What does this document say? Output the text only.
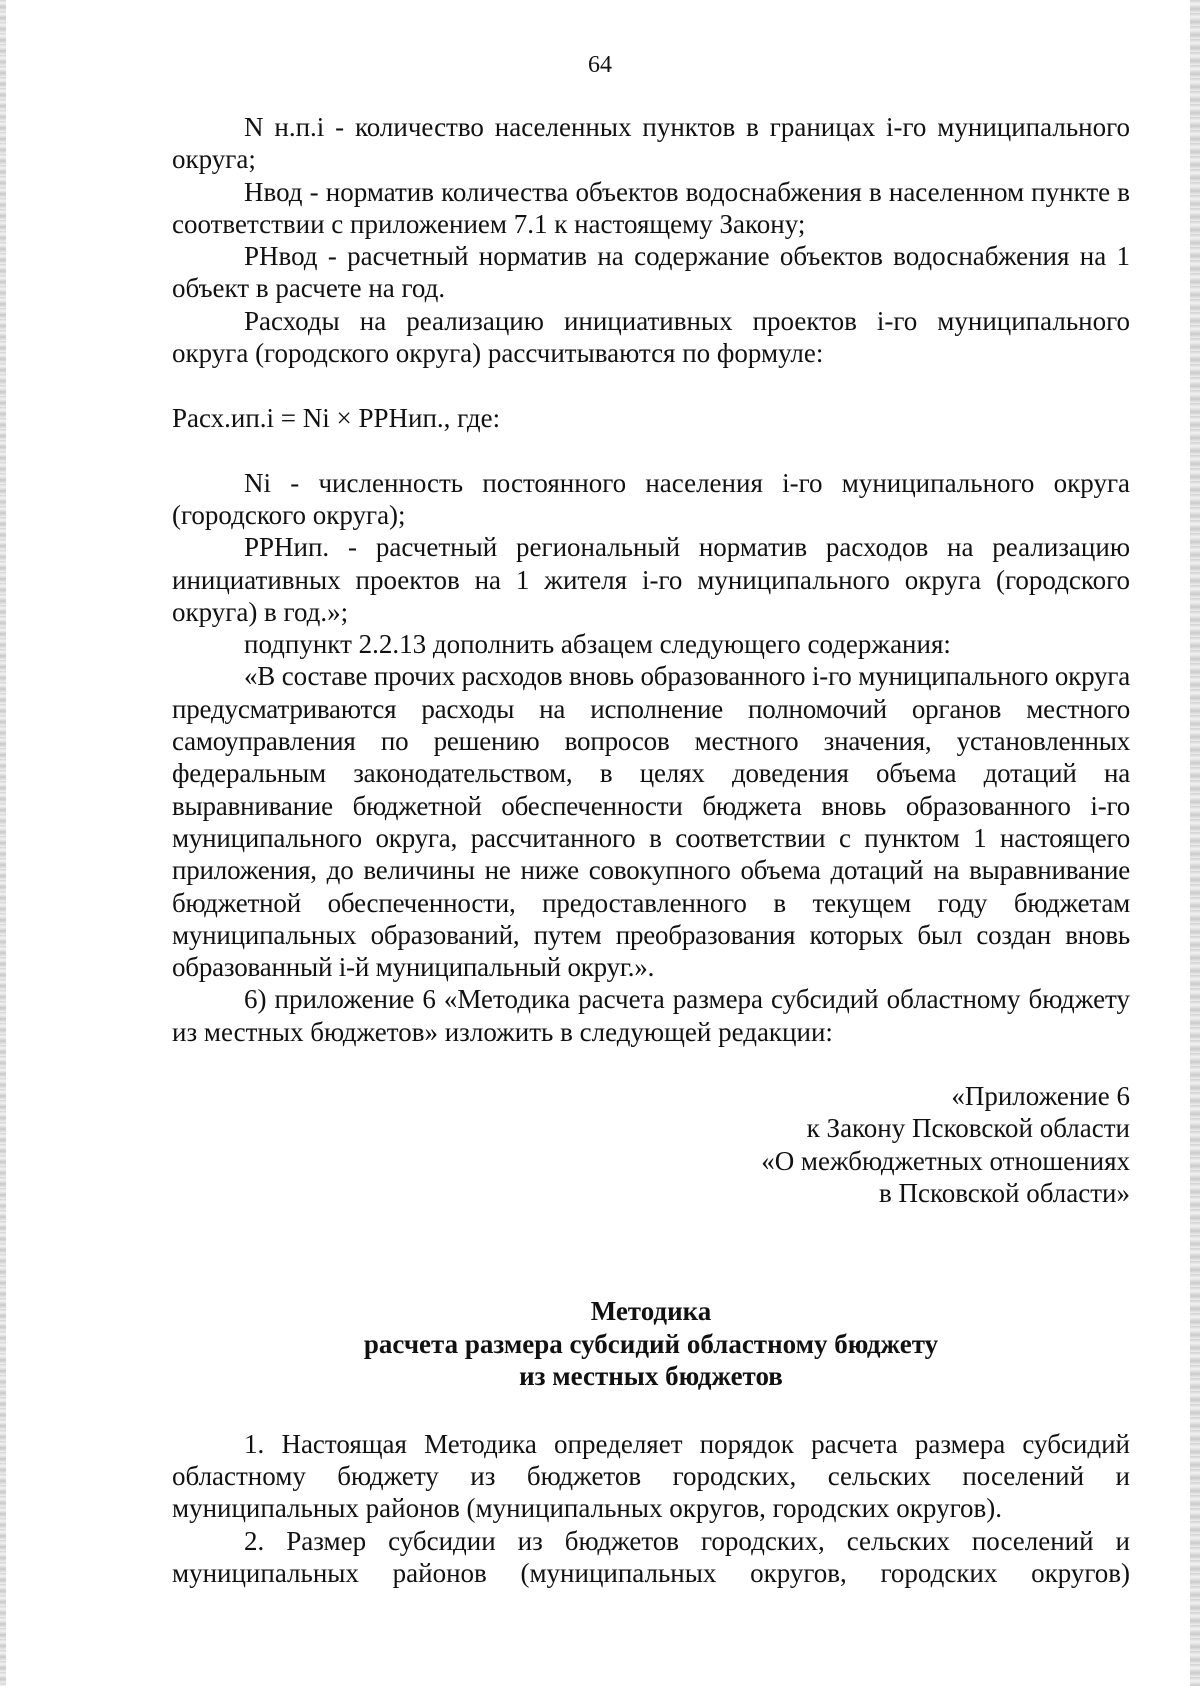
64

N н.п.i - количество населенных пунктов в границах i-го муниципального округа;

Нвод - норматив количества объектов водоснабжения в населенном пункте в соответствии с приложением 7.1 к настоящему Закону;

РНвод - расчетный норматив на содержание объектов водоснабжения на 1 объект в расчете на год.

Расходы на реализацию инициативных проектов i-го муниципального округа (городского округа) рассчитываются по формуле:

Расх.ип.i = Ni × РРНип., где:

Ni - численность постоянного населения i-го муниципального округа (городского округа);

РРНип. - расчетный региональный норматив расходов на реализацию инициативных проектов на 1 жителя i-го муниципального округа (городского округа) в год.»;

подпункт 2.2.13 дополнить абзацем следующего содержания:

«В составе прочих расходов вновь образованного i-го муниципального округа предусматриваются расходы на исполнение полномочий органов местного самоуправления по решению вопросов местного значения, установленных федеральным законодательством, в целях доведения объема дотаций на выравнивание бюджетной обеспеченности бюджета вновь образованного i-го муниципального округа, рассчитанного в соответствии с пунктом 1 настоящего приложения, до величины не ниже совокупного объема дотаций на выравнивание бюджетной обеспеченности, предоставленного в текущем году бюджетам муниципальных образований, путем преобразования которых был создан вновь образованный i-й муниципальный округ.».

6) приложение 6 «Методика расчета размера субсидий областному бюджету из местных бюджетов» изложить в следующей редакции:

«Приложение 6
к Закону Псковской области
«О межбюджетных отношениях
в Псковской области»
Методика
расчета размера субсидий областному бюджету
из местных бюджетов

1. Настоящая Методика определяет порядок расчета размера субсидий областному бюджету из бюджетов городских, сельских поселений и муниципальных районов (муниципальных округов, городских округов).

2. Размер субсидии из бюджетов городских, сельских поселений и муниципальных районов (муниципальных округов, городских округов)
